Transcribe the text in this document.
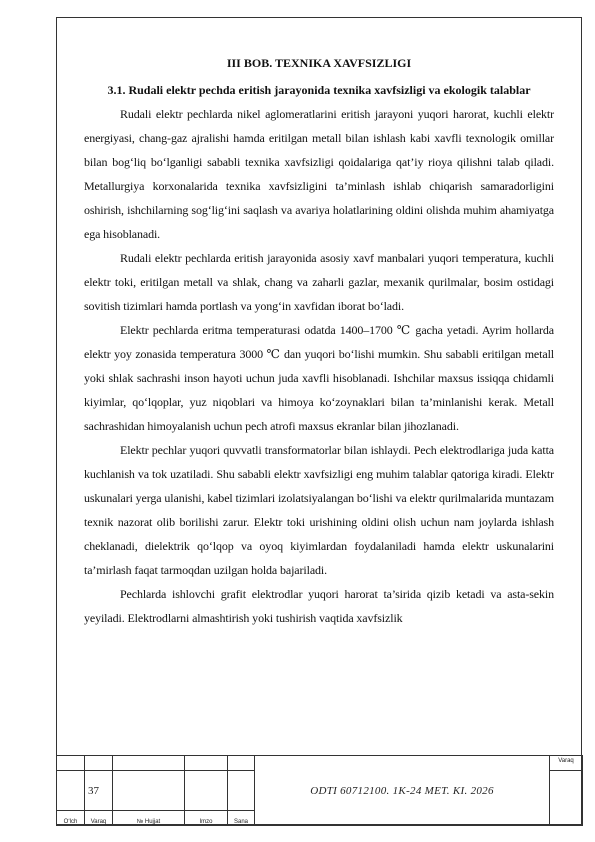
III BOB. TEXNIKA XAVFSIZLIGI
3.1. Rudali elektr pechda eritish jarayonida texnika xavfsizligi va ekologik talablar

Rudali elektr pechlarda nikel aglomeratlarini eritish jarayoni yuqori harorat, kuchli elektr energiyasi, chang-gaz ajralishi hamda eritilgan metall bilan ishlash kabi xavfli texnologik omillar bilan bog‘liq bo‘lganligi sababli texnika xavfsizligi qoidalariga qat’iy rioya qilishni talab qiladi. Metallurgiya korxonalarida texnika xavfsizligini ta’minlash ishlab chiqarish samaradorligini oshirish, ishchilarning sog‘lig‘ini saqlash va avariya holatlarining oldini olishda muhim ahamiyatga ega hisoblanadi.

Rudali elektr pechlarda eritish jarayonida asosiy xavf manbalari yuqori temperatura, kuchli elektr toki, eritilgan metall va shlak, chang va zaharli gazlar, mexanik qurilmalar, bosim ostidagi sovitish tizimlari hamda portlash va yong‘in xavfidan iborat bo‘ladi.

Elektr pechlarda eritma temperaturasi odatda 1400–1700 ℃ gacha yetadi. Ayrim hollarda elektr yoy zonasida temperatura 3000 ℃ dan yuqori bo‘lishi mumkin. Shu sababli eritilgan metall yoki shlak sachrashi inson hayoti uchun juda xavfli hisoblanadi. Ishchilar maxsus issiqqa chidamli kiyimlar, qo‘lqoplar, yuz niqoblari va himoya ko‘zoynaklari bilan ta’minlanishi kerak. Metall sachrashidan himoyalanish uchun pech atrofi maxsus ekranlar bilan jihozlanadi.

Elektr pechlar yuqori quvvatli transformatorlar bilan ishlaydi. Pech elektrodlariga juda katta kuchlanish va tok uzatiladi. Shu sababli elektr xavfsizligi eng muhim talablar qatoriga kiradi. Elektr uskunalari yerga ulanishi, kabel tizimlari izolatsiyalangan bo‘lishi va elektr qurilmalarida muntazam texnik nazorat olib borilishi zarur. Elektr toki urishining oldini olish uchun nam joylarda ishlash cheklanadi, dielektrik qo‘lqop va oyoq kiyimlardan foydalaniladi hamda elektr uskunalarini ta’mirlash faqat tarmoqdan uzilgan holda bajariladi.

Pechlarda ishlovchi grafit elektrodlar yuqori harorat ta’sirida qizib ketadi va asta-sekin yeyiladi. Elektrodlarni almashtirish yoki tushirish vaqtida xavfsizlik

					ODTI 60712100. 1K-24 MET. KI. 2026	Varaq
	37					
O‘lch	Varaq	№ Hujjat	Imzo	Sana		
